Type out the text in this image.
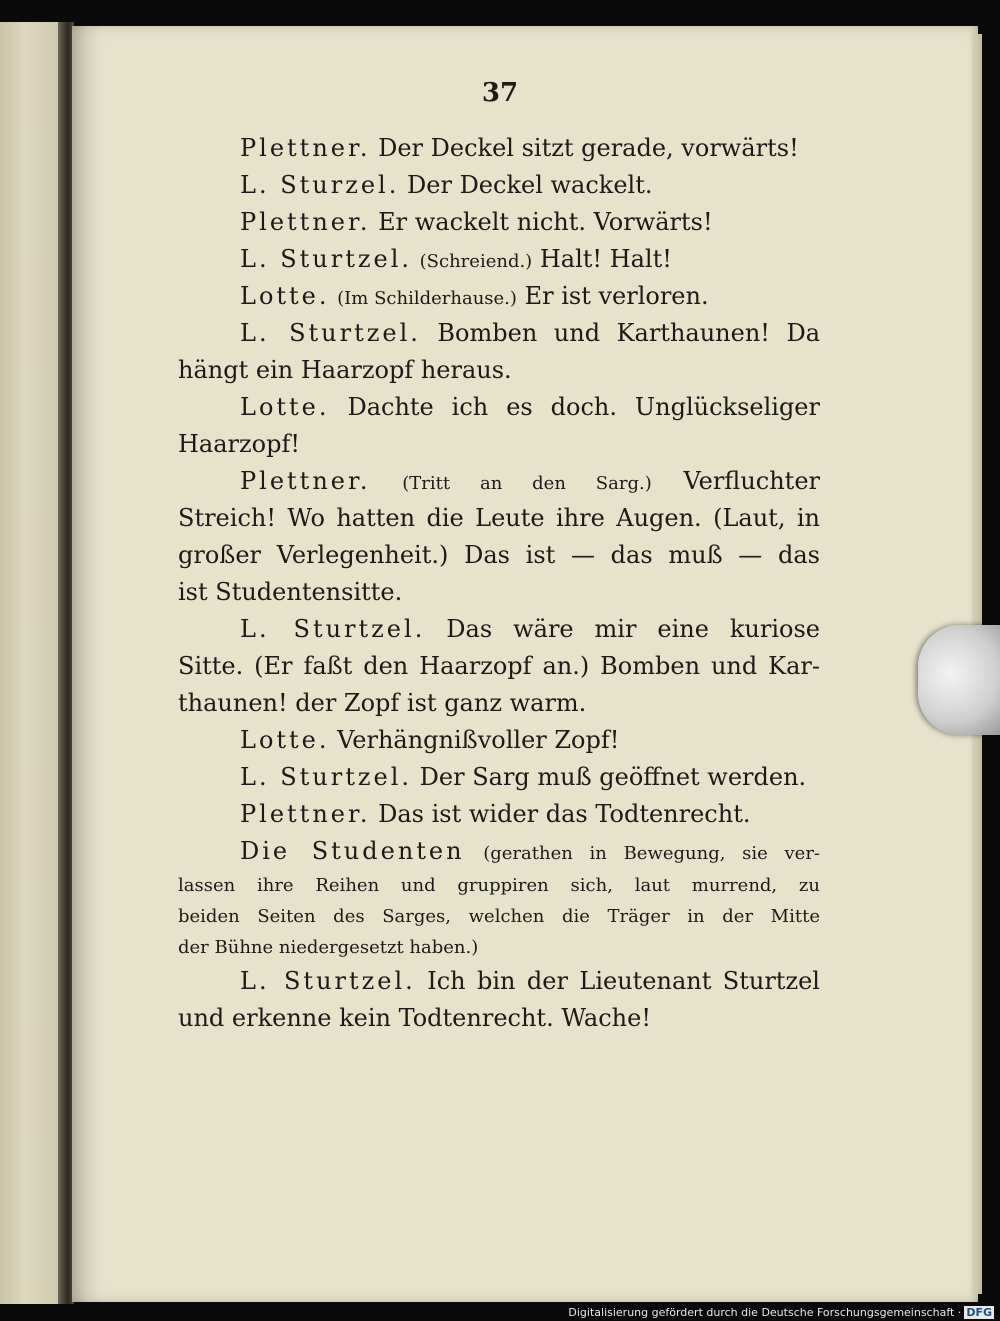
37
Plettner. Der Deckel sitzt gerade, vorwärts!
L. Sturzel. Der Deckel wackelt.
Plettner. Er wackelt nicht. Vorwärts!
L. Sturtzel. (Schreiend.) Halt! Halt!
Lotte. (Im Schilderhause.) Er ist verloren.
L. Sturtzel. Bomben und Karthaunen! Da
hängt ein Haarzopf heraus.
Lotte. Dachte ich es doch. Unglückseliger
Haarzopf!
Plettner. (Tritt an den Sarg.) Verfluchter
Streich! Wo hatten die Leute ihre Augen. (Laut, in
großer Verlegenheit.) Das ist — das muß — das
ist Studentensitte.
L. Sturtzel. Das wäre mir eine kuriose
Sitte. (Er faßt den Haarzopf an.) Bomben und Kar-
thaunen! der Zopf ist ganz warm.
Lotte. Verhängnißvoller Zopf!
L. Sturtzel. Der Sarg muß geöffnet werden.
Plettner. Das ist wider das Todtenrecht.
Die Studenten (gerathen in Bewegung, sie ver-
lassen ihre Reihen und gruppiren sich, laut murrend, zu
beiden Seiten des Sarges, welchen die Träger in der Mitte
der Bühne niedergesetzt haben.)
L. Sturtzel. Ich bin der Lieutenant Sturtzel
und erkenne kein Todtenrecht. Wache!
Digitalisierung gefördert durch die Deutsche Forschungsgemeinschaft · DFG
